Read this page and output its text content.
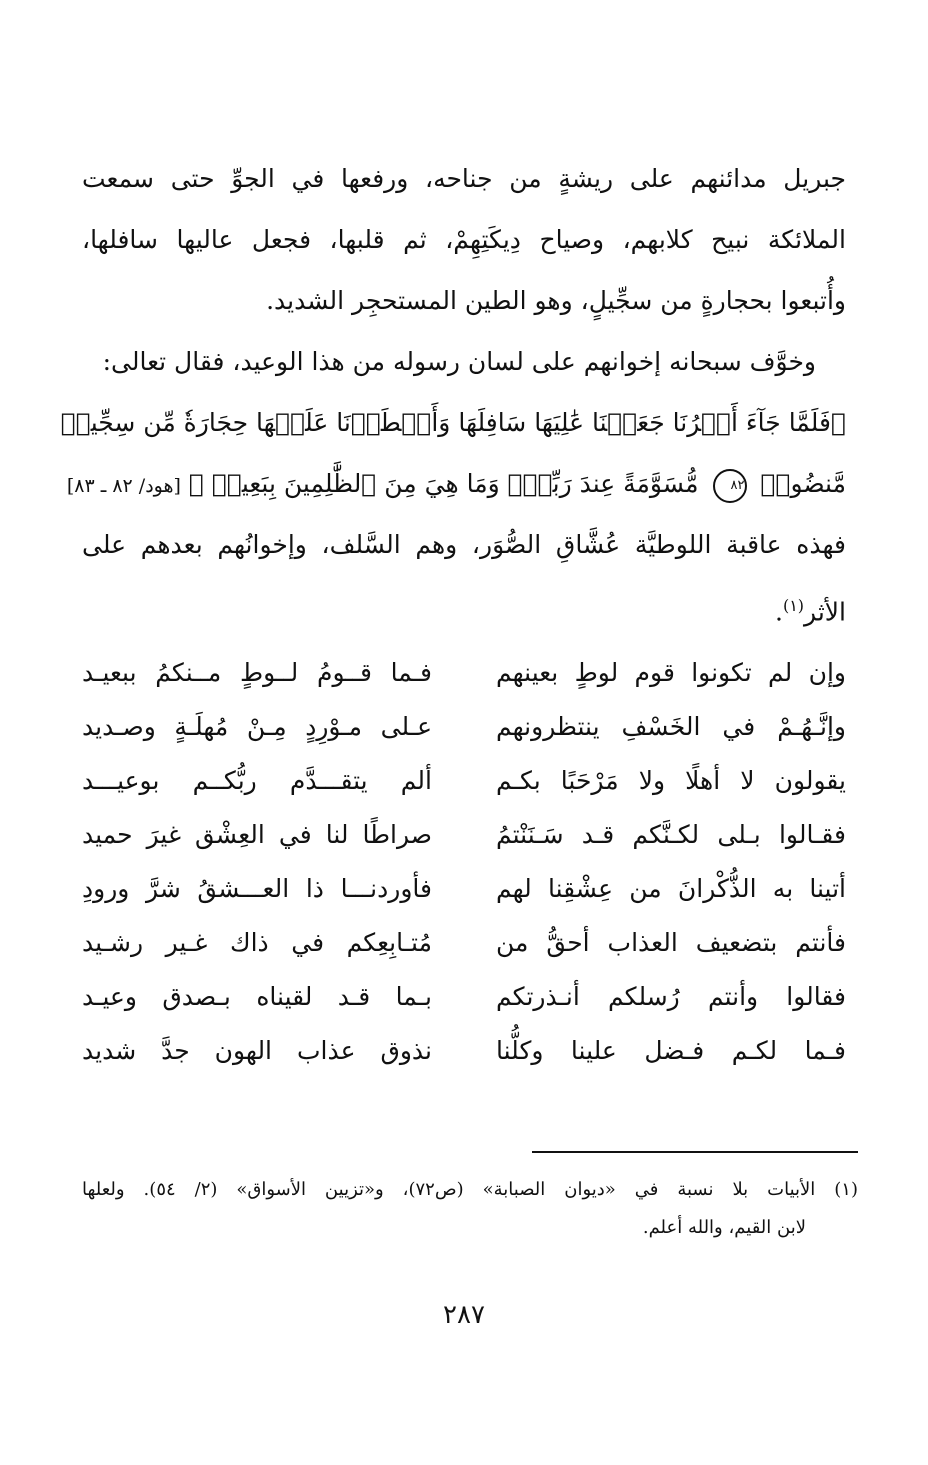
جبريل مدائنهم على ريشةٍ من جناحه، ورفعها في الجوِّ حتى سمعت
الملائكة نبيح كلابهم، وصياح دِيكَتِهِمْ، ثم قلبها، فجعل عاليها سافلها،
وأُتبعوا بحجارةٍ من سجِّيلٍ، وهو الطين المستحجِر الشديد.
وخوَّف سبحانه إخوانهم على لسان رسوله من هذا الوعيد، فقال تعالى:
﴿فَلَمَّا جَآءَ أَمۡرُنَا جَعَلۡنَا عَٰلِيَهَا سَافِلَهَا وَأَمۡطَرۡنَا عَلَيۡهَا حِجَارَةٗ مِّن سِجِّيلٖ
مَّنضُودٖ ٨٢ مُّسَوَّمَةً عِندَ رَبِّكَۖ وَمَا هِيَ مِنَ ٱلظَّٰلِمِينَ بِبَعِيدٖ ﴾ [هود/ ٨٢ ـ ٨٣]
فهذه عاقبة اللوطيَّة عُشَّاقِ الصُّوَر، وهم السَّلف، وإخوانُهم بعدهم على
الأثر$^{(١)}$.
وإن لم تكونوا قوم لوطٍ بعينهم
فـما قــومُ لــوطٍ مــنكمُ ببعيـد
وإنَّـهُـمْ في الخَسْفِ ينتظرونهم
عـلى مـوْرِدٍ مِـنْ مُهلَـةٍ وصـديد
يقولون لا أهلًا ولا مَرْحَبًا بكـم
ألم يتقـــدَّم ربُّكــم بوعيـــد
فقـالوا بـلى لكـنَّكم قـد سَـنَنْتمُ
صراطًا لنا في العِشْق غيرَ حميد
أتينا به الذُّكْرانَ من عِشْقِنا لهم
فأوردنـــا ذا العـــشقُ شرَّ ورودِ
فأنتم بتضعيف العذاب أحقُّ من
مُتـابِعِكم في ذاك غـير رشـيد
فقالوا وأنتم رُسلكم أنـذرتكم
بـما قـد لقيناه بـصدق وعيـد
فـما لكـم فـضل علينا وكلُّنا
نذوق عذاب الهون جدَّ شديد
(١) الأبيات بلا نسبة في «ديوان الصبابة» (ص٧٢)، و«تزيين الأسواق» (٢/ ٥٤). ولعلها
لابن القيم، والله أعلم.
٢٨٧
